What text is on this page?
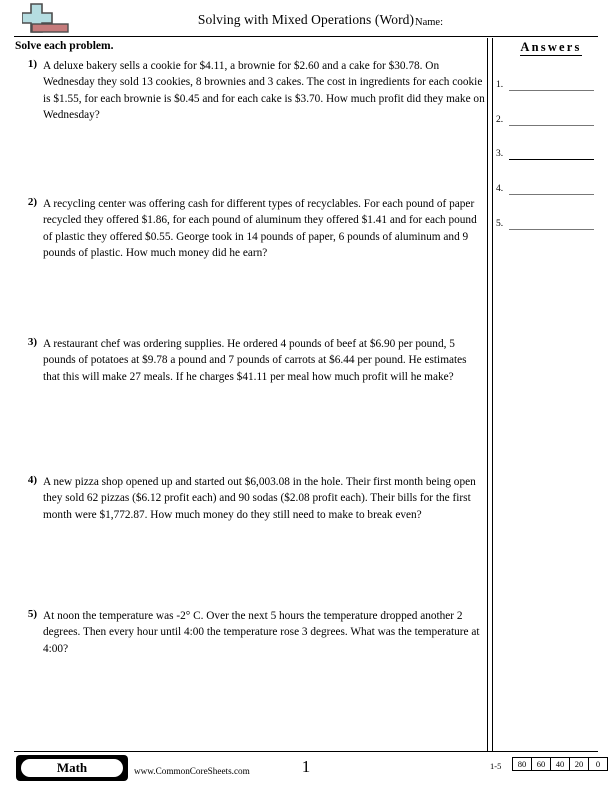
Solving with Mixed Operations (Word) Name:
Solve each problem.
1) A deluxe bakery sells a cookie for $4.11, a brownie for $2.60 and a cake for $30.78. On Wednesday they sold 13 cookies, 8 brownies and 3 cakes. The cost in ingredients for each cookie is $1.55, for each brownie is $0.45 and for each cake is $3.70. How much profit did they make on Wednesday?
2) A recycling center was offering cash for different types of recyclables. For each pound of paper recycled they offered $1.86, for each pound of aluminum they offered $1.41 and for each pound of plastic they offered $0.55. George took in 14 pounds of paper, 6 pounds of aluminum and 9 pounds of plastic. How much money did he earn?
3) A restaurant chef was ordering supplies. He ordered 4 pounds of beef at $6.90 per pound, 5 pounds of potatoes at $9.78 a pound and 7 pounds of carrots at $6.44 per pound. He estimates that this will make 27 meals. If he charges $41.11 per meal how much profit will he make?
4) A new pizza shop opened up and started out $6,003.08 in the hole. Their first month being open they sold 62 pizzas ($6.12 profit each) and 90 sodas ($2.08 profit each). Their bills for the first month were $1,772.87. How much money do they still need to make to break even?
5) At noon the temperature was -2° C. Over the next 5 hours the temperature dropped another 2 degrees. Then every hour until 4:00 the temperature rose 3 degrees. What was the temperature at 4:00?
Answers
1.
2.
3.
4.
5.
Math	www.CommonCoreSheets.com	1	1-5 80	60	40	20	0
